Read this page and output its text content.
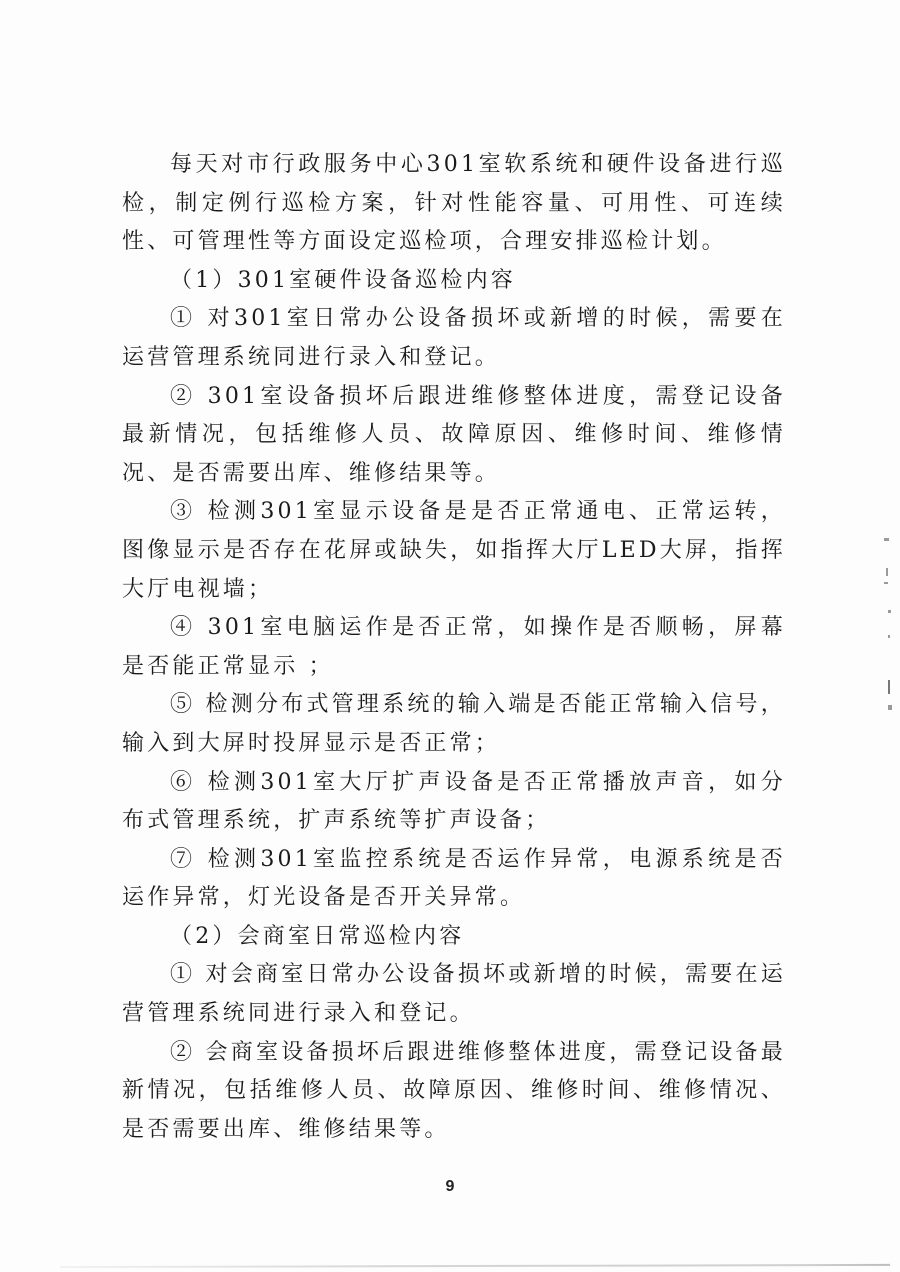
每天对市行政服务中心301室软系统和硬件设备进行巡检，制定例行巡检方案，针对性能容量、可用性、可连续性、可管理性等方面设定巡检项，合理安排巡检计划。

（1）301室硬件设备巡检内容

① 对301室日常办公设备损坏或新增的时候，需要在运营管理系统同进行录入和登记。

② 301室设备损坏后跟进维修整体进度，需登记设备最新情况，包括维修人员、故障原因、维修时间、维修情况、是否需要出库、维修结果等。

③ 检测301室显示设备是是否正常通电、正常运转，图像显示是否存在花屏或缺失，如指挥大厅LED大屏，指挥大厅电视墙；

④ 301室电脑运作是否正常，如操作是否顺畅，屏幕是否能正常显示 ；

⑤ 检测分布式管理系统的输入端是否能正常输入信号，输入到大屏时投屏显示是否正常；

⑥ 检测301室大厅扩声设备是否正常播放声音，如分布式管理系统，扩声系统等扩声设备；

⑦ 检测301室监控系统是否运作异常，电源系统是否运作异常，灯光设备是否开关异常。

（2）会商室日常巡检内容

① 对会商室日常办公设备损坏或新增的时候，需要在运营管理系统同进行录入和登记。

② 会商室设备损坏后跟进维修整体进度，需登记设备最新情况，包括维修人员、故障原因、维修时间、维修情况、是否需要出库、维修结果等。

9
